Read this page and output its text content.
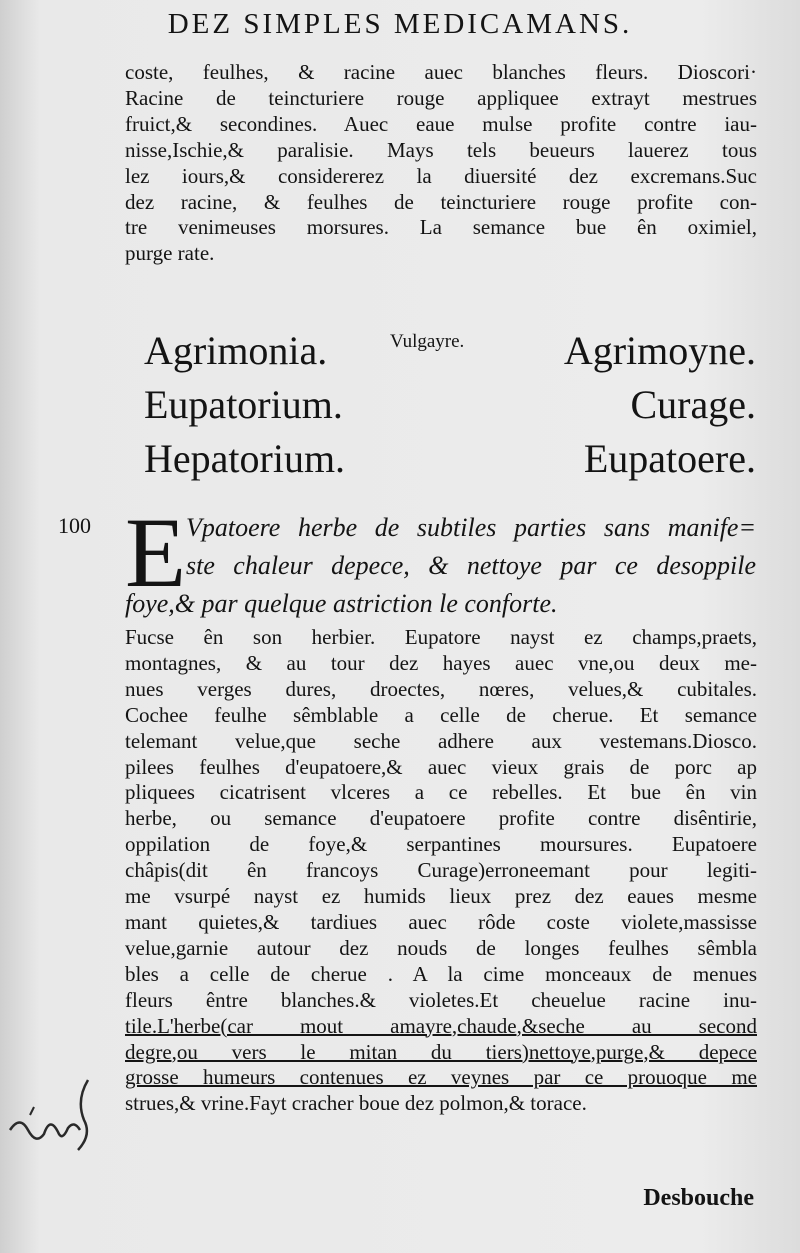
DEZ SIMPLES MEDICAMANS.
coste, feulhes, & racine auec blanches fleurs. Dioscori·
Racine de teincturiere rouge appliquee extrayt mestrues
fruict,& secondines. Auec eaue mulse profite contre iau-
nisse,Ischie,& paralisie. Mays tels beueurs lauerez tous
lez iours,& considererez la diuersité dez excremans.Suc
dez racine, & feulhes de teincturiere rouge profite con-
tre venimeuses morsures. La semance bue ên oximiel,
purge rate.
Vulgayre.
Agrimonia.	Agrimoyne.
Eupatorium.	Curage.
Hepatorium.	Eupatoere.
100 E Vpatoere herbe de subtiles parties sans manife=
ste chaleur depece, & nettoye par ce desoppile
foye,& par quelque astriction le conforte.
Fucse ên son herbier. Eupatore nayst ez champs,praets,
montagnes, & au tour dez hayes auec vne,ou deux me-
nues verges dures, droectes, nœres, velues,& cubitales.
Cochee feulhe sêmblable a celle de cherue. Et semance
telemant velue,que seche adhere aux vestemans.Diosco.
pilees feulhes d'eupatoere,& auec vieux grais de porc ap
pliquees cicatrisent vlceres a ce rebelles. Et bue ên vin
herbe, ou semance d'eupatoere profite contre disêntirie,
oppilation de foye,& serpantines moursures. Eupatoere
châpis(dit ên francoys Curage)erroneemant pour legiti-
me vsurpé nayst ez humids lieux prez dez eaues mesme
mant quietes,& tardiues auec rôde coste violete,massisse
velue,garnie autour dez nouds de longes feulhes sêmbla
bles a celle de cherue . A la cime monceaux de menues
fleurs êntre blanches.& violetes.Et cheuelue racine inu-
tile.L'herbe(car mout amayre,chaude,&seche au second
degre,ou vers le mitan du tiers)nettoye,purge,& depece
grosse humeurs contenues ez veynes par ce prouoque me
strues,& vrine.Fayt cracher boue dez polmon,& torace.
Desbouche
